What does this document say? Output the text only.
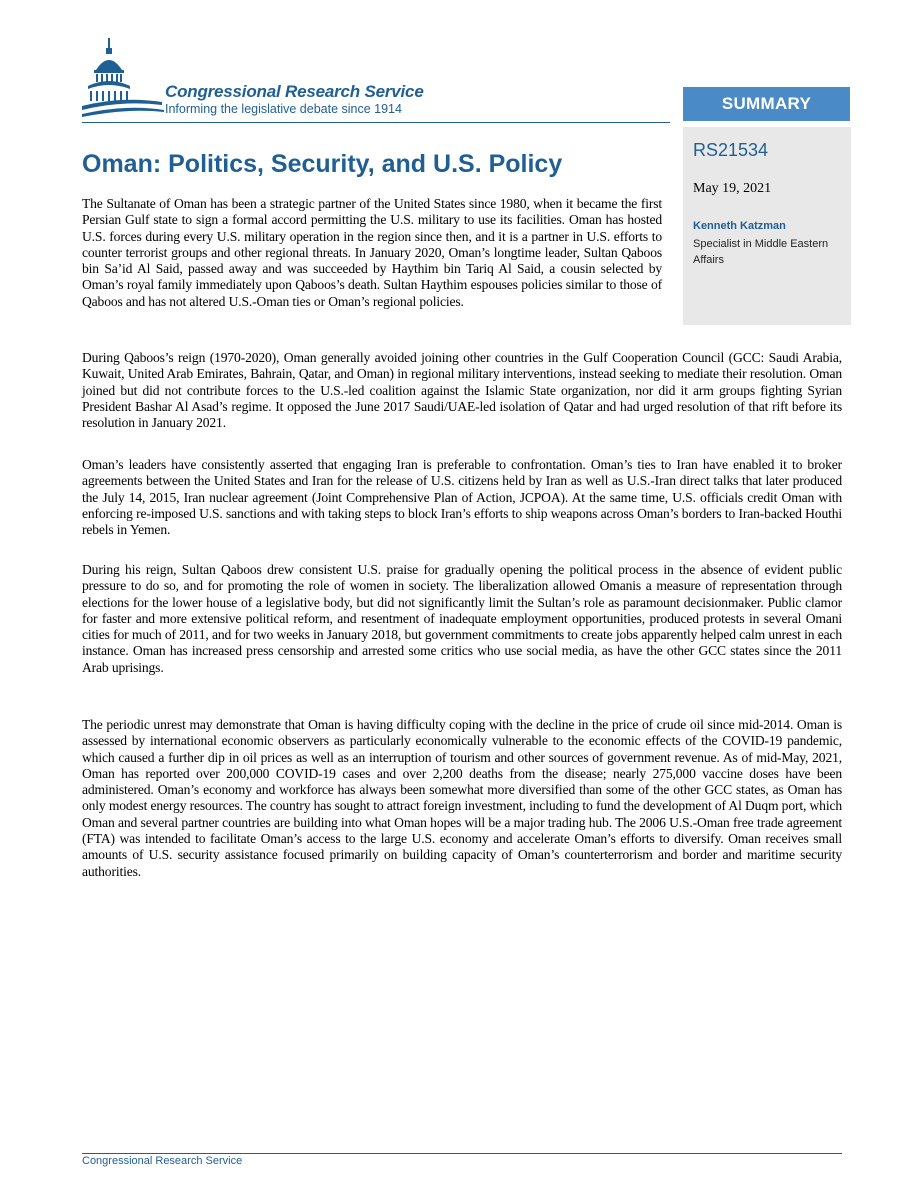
Congressional Research Service
Informing the legislative debate since 1914	SUMMARY
RS21534
May 19, 2021
Kenneth Katzman
Specialist in Middle Eastern Affairs
Oman: Politics, Security, and U.S. Policy

The Sultanate of Oman has been a strategic partner of the United States since 1980, when it became the first Persian Gulf state to sign a formal accord permitting the U.S. military to use its facilities. Oman has hosted U.S. forces during every U.S. military operation in the region since then, and it is a partner in U.S. efforts to counter terrorist groups and other regional threats. In January 2020, Oman’s longtime leader, Sultan Qaboos bin Sa’id Al Said, passed away and was succeeded by Haythim bin Tariq Al Said, a cousin selected by Oman’s royal family immediately upon Qaboos’s death. Sultan Haythim espouses policies similar to those of Qaboos and has not altered U.S.-Oman ties or Oman’s regional policies.

During Qaboos’s reign (1970-2020), Oman generally avoided joining other countries in the Gulf Cooperation Council (GCC: Saudi Arabia, Kuwait, United Arab Emirates, Bahrain, Qatar, and Oman) in regional military interventions, instead seeking to mediate their resolution. Oman joined but did not contribute forces to the U.S.-led coalition against the Islamic State organization, nor did it arm groups fighting Syrian President Bashar Al Asad’s regime. It opposed the June 2017 Saudi/UAE-led isolation of Qatar and had urged resolution of that rift before its resolution in January 2021.

Oman’s leaders have consistently asserted that engaging Iran is preferable to confrontation. Oman’s ties to Iran have enabled it to broker agreements between the United States and Iran for the release of U.S. citizens held by Iran as well as U.S.-Iran direct talks that later produced the July 14, 2015, Iran nuclear agreement (Joint Comprehensive Plan of Action, JCPOA). At the same time, U.S. officials credit Oman with enforcing re-imposed U.S. sanctions and with taking steps to block Iran’s efforts to ship weapons across Oman’s borders to Iran-backed Houthi rebels in Yemen.

During his reign, Sultan Qaboos drew consistent U.S. praise for gradually opening the political process in the absence of evident public pressure to do so, and for promoting the role of women in society. The liberalization allowed Omanis a measure of representation through elections for the lower house of a legislative body, but did not significantly limit the Sultan’s role as paramount decisionmaker. Public clamor for faster and more extensive political reform, and resentment of inadequate employment opportunities, produced protests in several Omani cities for much of 2011, and for two weeks in January 2018, but government commitments to create jobs apparently helped calm unrest in each instance. Oman has increased press censorship and arrested some critics who use social media, as have the other GCC states since the 2011 Arab uprisings.

The periodic unrest may demonstrate that Oman is having difficulty coping with the decline in the price of crude oil since mid-2014. Oman is assessed by international economic observers as particularly economically vulnerable to the economic effects of the COVID-19 pandemic, which caused a further dip in oil prices as well as an interruption of tourism and other sources of government revenue. As of mid-May, 2021, Oman has reported over 200,000 COVID-19 cases and over 2,200 deaths from the disease; nearly 275,000 vaccine doses have been administered. Oman’s economy and workforce has always been somewhat more diversified than some of the other GCC states, as Oman has only modest energy resources. The country has sought to attract foreign investment, including to fund the development of Al Duqm port, which Oman and several partner countries are building into what Oman hopes will be a major trading hub. The 2006 U.S.-Oman free trade agreement (FTA) was intended to facilitate Oman’s access to the large U.S. economy and accelerate Oman’s efforts to diversify. Oman receives small amounts of U.S. security assistance focused primarily on building capacity of Oman’s counterterrorism and border and maritime security authorities.

Congressional Research Service
